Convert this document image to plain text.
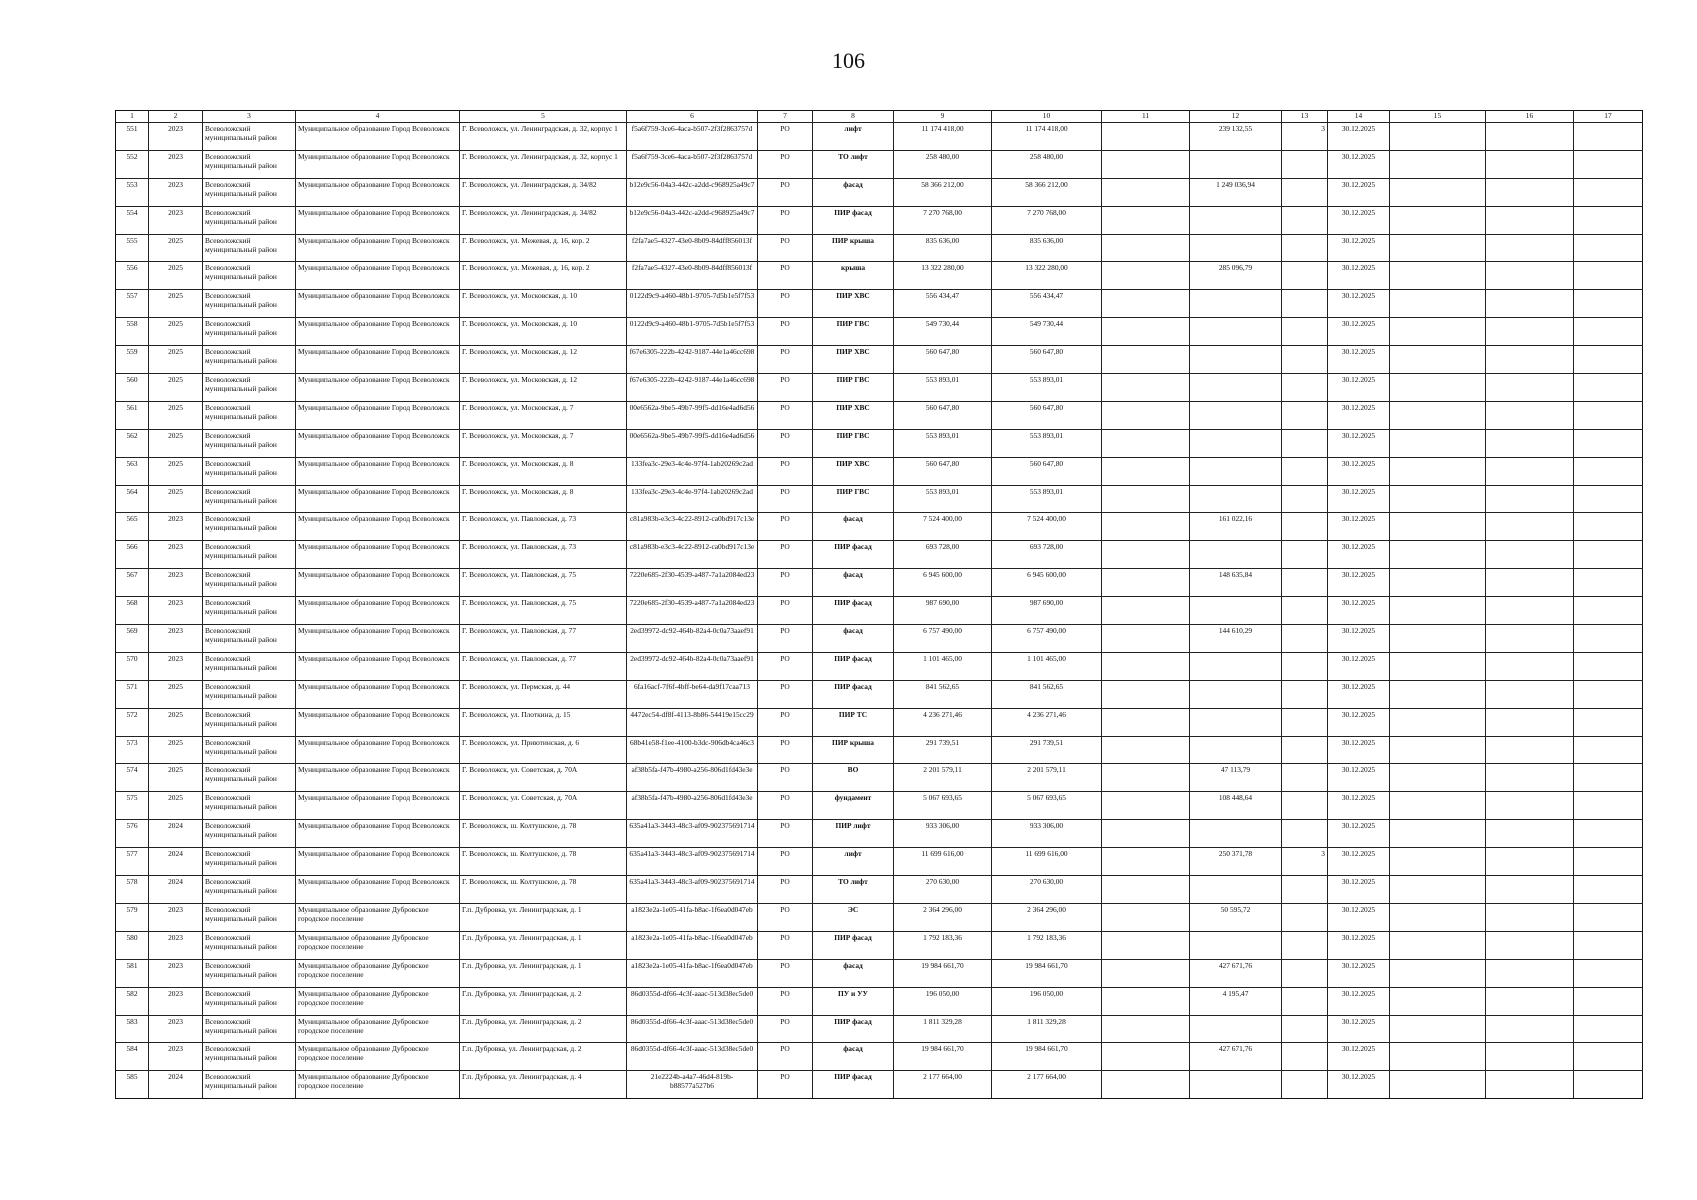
106
1	2	3	4	5	6	7	8	9	10	11	12	13	14	15	16	17
551	2023	Всеволожский муниципальный район	Муниципальное образование Город Всеволожск	Г. Всеволожск, ул. Ленинградская, д. 32, корпус 1	f5a6f759-3ce6-4aca-b507-2f3f2863757d	РО	лифт	11 174 418,00	11 174 418,00		239 132,55	3	30.12.2025			
552	2023	Всеволожский муниципальный район	Муниципальное образование Город Всеволожск	Г. Всеволожск, ул. Ленинградская, д. 32, корпус 1	f5a6f759-3ce6-4aca-b507-2f3f2863757d	РО	ТО лифт	258 480,00	258 480,00				30.12.2025			
553	2023	Всеволожский муниципальный район	Муниципальное образование Город Всеволожск	Г. Всеволожск, ул. Ленинградская, д. 34/82	b12e9c56-04a3-442c-a2dd-c968925a49c7	РО	фасад	58 366 212,00	58 366 212,00		1 249 036,94		30.12.2025			
554	2023	Всеволожский муниципальный район	Муниципальное образование Город Всеволожск	Г. Всеволожск, ул. Ленинградская, д. 34/82	b12e9c56-04a3-442c-a2dd-c968925a49c7	РО	ПИР фасад	7 270 768,00	7 270 768,00				30.12.2025			
555	2025	Всеволожский муниципальный район	Муниципальное образование Город Всеволожск	Г. Всеволожск, ул. Межевая, д. 16, кор. 2	f2fa7ae5-4327-43e0-8b09-84dff856013f	РО	ПИР крыша	835 636,00	835 636,00				30.12.2025			
556	2025	Всеволожский муниципальный район	Муниципальное образование Город Всеволожск	Г. Всеволожск, ул. Межевая, д. 16, кор. 2	f2fa7ae5-4327-43e0-8b09-84dff856013f	РО	крыша	13 322 280,00	13 322 280,00		285 096,79		30.12.2025			
557	2025	Всеволожский муниципальный район	Муниципальное образование Город Всеволожск	Г. Всеволожск, ул. Московская, д. 10	0122d9c9-a460-48b1-9705-7d5b1e5f7f53	РО	ПИР ХВС	556 434,47	556 434,47				30.12.2025			
558	2025	Всеволожский муниципальный район	Муниципальное образование Город Всеволожск	Г. Всеволожск, ул. Московская, д. 10	0122d9c9-a460-48b1-9705-7d5b1e5f7f53	РО	ПИР ГВС	549 730,44	549 730,44				30.12.2025			
559	2025	Всеволожский муниципальный район	Муниципальное образование Город Всеволожск	Г. Всеволожск, ул. Московская, д. 12	f67e6305-222b-4242-9187-44e1a46cc698	РО	ПИР ХВС	560 647,80	560 647,80				30.12.2025			
560	2025	Всеволожский муниципальный район	Муниципальное образование Город Всеволожск	Г. Всеволожск, ул. Московская, д. 12	f67e6305-222b-4242-9187-44e1a46cc698	РО	ПИР ГВС	553 893,01	553 893,01				30.12.2025			
561	2025	Всеволожский муниципальный район	Муниципальное образование Город Всеволожск	Г. Всеволожск, ул. Московская, д. 7	00e6562a-9be5-49b7-99f5-dd16e4ad6d56	РО	ПИР ХВС	560 647,80	560 647,80				30.12.2025			
562	2025	Всеволожский муниципальный район	Муниципальное образование Город Всеволожск	Г. Всеволожск, ул. Московская, д. 7	00e6562a-9be5-49b7-99f5-dd16e4ad6d56	РО	ПИР ГВС	553 893,01	553 893,01				30.12.2025			
563	2025	Всеволожский муниципальный район	Муниципальное образование Город Всеволожск	Г. Всеволожск, ул. Московская, д. 8	133fea3c-29e3-4c4e-97f4-1ab20269c2ad	РО	ПИР ХВС	560 647,80	560 647,80				30.12.2025			
564	2025	Всеволожский муниципальный район	Муниципальное образование Город Всеволожск	Г. Всеволожск, ул. Московская, д. 8	133fea3c-29e3-4c4e-97f4-1ab20269c2ad	РО	ПИР ГВС	553 893,01	553 893,01				30.12.2025			
565	2023	Всеволожский муниципальный район	Муниципальное образование Город Всеволожск	Г. Всеволожск, ул. Павловская, д. 73	c81a983b-e3c3-4c22-8912-ca0bd917c13e	РО	фасад	7 524 400,00	7 524 400,00		161 022,16		30.12.2025			
566	2023	Всеволожский муниципальный район	Муниципальное образование Город Всеволожск	Г. Всеволожск, ул. Павловская, д. 73	c81a983b-e3c3-4c22-8912-ca0bd917c13e	РО	ПИР фасад	693 728,00	693 728,00				30.12.2025			
567	2023	Всеволожский муниципальный район	Муниципальное образование Город Всеволожск	Г. Всеволожск, ул. Павловская, д. 75	7220e685-2f30-4539-a487-7a1a2084ed23	РО	фасад	6 945 600,00	6 945 600,00		148 635,84		30.12.2025			
568	2023	Всеволожский муниципальный район	Муниципальное образование Город Всеволожск	Г. Всеволожск, ул. Павловская, д. 75	7220e685-2f30-4539-a487-7a1a2084ed23	РО	ПИР фасад	987 690,00	987 690,00				30.12.2025			
569	2023	Всеволожский муниципальный район	Муниципальное образование Город Всеволожск	Г. Всеволожск, ул. Павловская, д. 77	2ed39972-dc92-464b-82a4-0c0a73aaef91	РО	фасад	6 757 490,00	6 757 490,00		144 610,29		30.12.2025			
570	2023	Всеволожский муниципальный район	Муниципальное образование Город Всеволожск	Г. Всеволожск, ул. Павловская, д. 77	2ed39972-dc92-464b-82a4-0c0a73aaef91	РО	ПИР фасад	1 101 465,00	1 101 465,00				30.12.2025			
571	2025	Всеволожский муниципальный район	Муниципальное образование Город Всеволожск	Г. Всеволожск, ул. Пермская, д. 44	6fa16acf-7f6f-4bff-be64-da9f17caa713	РО	ПИР фасад	841 562,65	841 562,65				30.12.2025			
572	2025	Всеволожский муниципальный район	Муниципальное образование Город Всеволожск	Г. Всеволожск, ул. Плоткина, д. 15	4472ec54-df8f-4113-8b86-54419e15cc29	РО	ПИР ТС	4 236 271,46	4 236 271,46				30.12.2025			
573	2025	Всеволожский муниципальный район	Муниципальное образование Город Всеволожск	Г. Всеволожск, ул. Приютинская, д. 6	68b41e58-f1ee-4100-b3dc-906db4ca46c3	РО	ПИР крыша	291 739,51	291 739,51				30.12.2025			
574	2025	Всеволожский муниципальный район	Муниципальное образование Город Всеволожск	Г. Всеволожск, ул. Советская, д. 70А	af38b5fa-f47b-4980-a256-806d1fd43e3e	РО	ВО	2 201 579,11	2 201 579,11		47 113,79		30.12.2025			
575	2025	Всеволожский муниципальный район	Муниципальное образование Город Всеволожск	Г. Всеволожск, ул. Советская, д. 70А	af38b5fa-f47b-4980-a256-806d1fd43e3e	РО	фундамент	5 067 693,65	5 067 693,65		108 448,64		30.12.2025			
576	2024	Всеволожский муниципальный район	Муниципальное образование Город Всеволожск	Г. Всеволожск, ш. Колтушское, д. 78	635a41a3-3443-48c3-af09-902375691714	РО	ПИР лифт	933 306,00	933 306,00				30.12.2025			
577	2024	Всеволожский муниципальный район	Муниципальное образование Город Всеволожск	Г. Всеволожск, ш. Колтушское, д. 78	635a41a3-3443-48c3-af09-902375691714	РО	лифт	11 699 616,00	11 699 616,00		250 371,78	3	30.12.2025			
578	2024	Всеволожский муниципальный район	Муниципальное образование Город Всеволожск	Г. Всеволожск, ш. Колтушское, д. 78	635a41a3-3443-48c3-af09-902375691714	РО	ТО лифт	270 630,00	270 630,00				30.12.2025			
579	2023	Всеволожский муниципальный район	Муниципальное образование Дубровское городское поселение	Г.п. Дубровка, ул. Ленинградская, д. 1	a1823e2a-1e05-41fa-b8ac-1f6ea0d047eb	РО	ЭС	2 364 296,00	2 364 296,00		50 595,72		30.12.2025			
580	2023	Всеволожский муниципальный район	Муниципальное образование Дубровское городское поселение	Г.п. Дубровка, ул. Ленинградская, д. 1	a1823e2a-1e05-41fa-b8ac-1f6ea0d047eb	РО	ПИР фасад	1 792 183,36	1 792 183,36				30.12.2025			
581	2023	Всеволожский муниципальный район	Муниципальное образование Дубровское городское поселение	Г.п. Дубровка, ул. Ленинградская, д. 1	a1823e2a-1e05-41fa-b8ac-1f6ea0d047eb	РО	фасад	19 984 661,70	19 984 661,70		427 671,76		30.12.2025			
582	2023	Всеволожский муниципальный район	Муниципальное образование Дубровское городское поселение	Г.п. Дубровка, ул. Ленинградская, д. 2	86d0355d-df66-4c3f-aaac-513d38ec5de0	РО	ПУ и УУ	196 050,00	196 050,00		4 195,47		30.12.2025			
583	2023	Всеволожский муниципальный район	Муниципальное образование Дубровское городское поселение	Г.п. Дубровка, ул. Ленинградская, д. 2	86d0355d-df66-4c3f-aaac-513d38ec5de0	РО	ПИР фасад	1 811 329,28	1 811 329,28				30.12.2025			
584	2023	Всеволожский муниципальный район	Муниципальное образование Дубровское городское поселение	Г.п. Дубровка, ул. Ленинградская, д. 2	86d0355d-df66-4c3f-aaac-513d38ec5de0	РО	фасад	19 984 661,70	19 984 661,70		427 671,76		30.12.2025			
585	2024	Всеволожский муниципальный район	Муниципальное образование Дубровское городское поселение	Г.п. Дубровка, ул. Ленинградская, д. 4	21e2224b-a4a7-46d4-819b-b88577a527b6	РО	ПИР фасад	2 177 664,00	2 177 664,00				30.12.2025			
